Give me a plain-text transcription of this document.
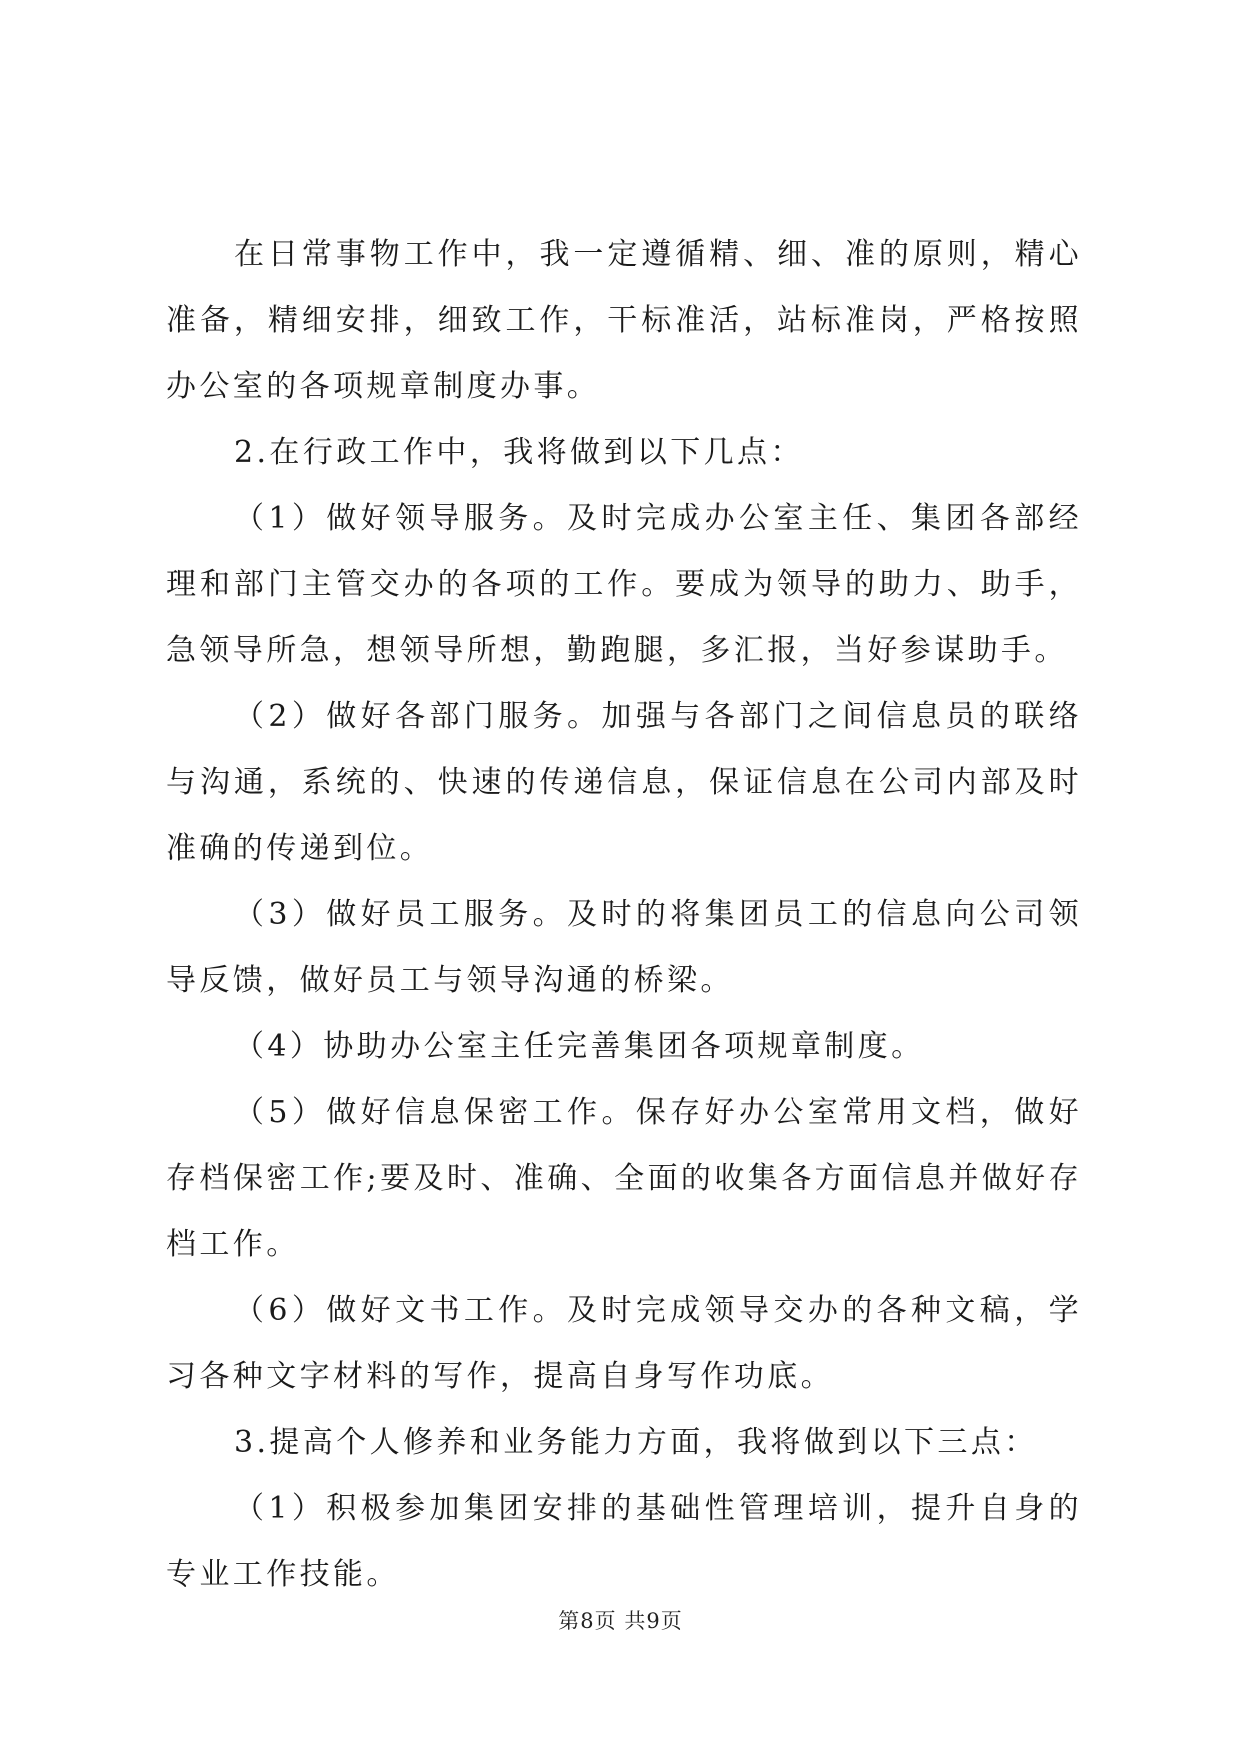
在日常事物工作中，我一定遵循精、细、准的原则，精心准备，精细安排，细致工作，干标准活，站标准岗，严格按照办公室的各项规章制度办事。

2.在行政工作中，我将做到以下几点：

（1）做好领导服务。及时完成办公室主任、集团各部经理和部门主管交办的各项的工作。要成为领导的助力、助手，急领导所急，想领导所想，勤跑腿，多汇报，当好参谋助手。

（2）做好各部门服务。加强与各部门之间信息员的联络与沟通，系统的、快速的传递信息，保证信息在公司内部及时准确的传递到位。

（3）做好员工服务。及时的将集团员工的信息向公司领导反馈，做好员工与领导沟通的桥梁。

（4）协助办公室主任完善集团各项规章制度。

（5）做好信息保密工作。保存好办公室常用文档，做好存档保密工作;要及时、准确、全面的收集各方面信息并做好存档工作。

（6）做好文书工作。及时完成领导交办的各种文稿，学习各种文字材料的写作，提高自身写作功底。

3.提高个人修养和业务能力方面，我将做到以下三点：

（1）积极参加集团安排的基础性管理培训，提升自身的专业工作技能。

第8页 共9页
